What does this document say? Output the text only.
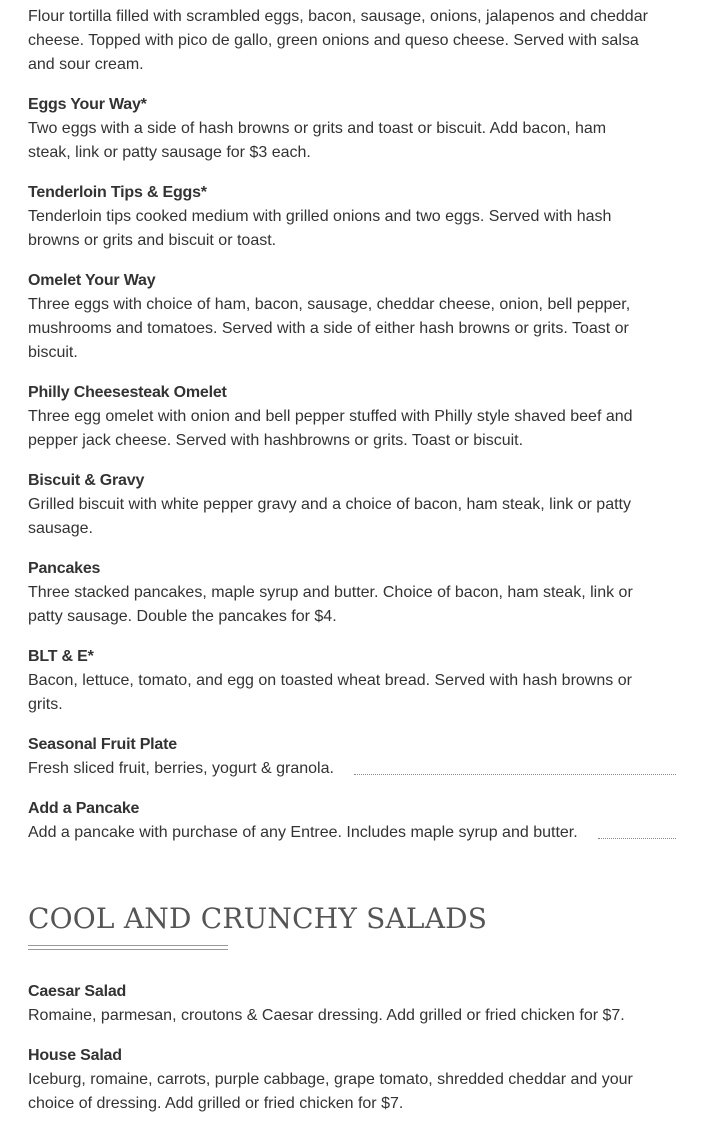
Flour tortilla filled with scrambled eggs, bacon, sausage, onions, jalapenos and cheddar cheese. Topped with pico de gallo, green onions and queso cheese. Served with salsa and sour cream.
Eggs Your Way*
Two eggs with a side of hash browns or grits and toast or biscuit. Add bacon, ham steak, link or patty sausage for $3 each.
Tenderloin Tips & Eggs*
Tenderloin tips cooked medium with grilled onions and two eggs. Served with hash browns or grits and biscuit or toast.
Omelet Your Way
Three eggs with choice of ham, bacon, sausage, cheddar cheese, onion, bell pepper, mushrooms and tomatoes. Served with a side of either hash browns or grits. Toast or biscuit.
Philly Cheesesteak Omelet
Three egg omelet with onion and bell pepper stuffed with Philly style shaved beef and pepper jack cheese. Served with hashbrowns or grits. Toast or biscuit.
Biscuit & Gravy
Grilled biscuit with white pepper gravy and a choice of bacon, ham steak, link or patty sausage.
Pancakes
Three stacked pancakes, maple syrup and butter. Choice of bacon, ham steak, link or patty sausage. Double the pancakes for $4.
BLT & E*
Bacon, lettuce, tomato, and egg on toasted wheat bread. Served with hash browns or grits.
Seasonal Fruit Plate
Fresh sliced fruit, berries, yogurt & granola.
Add a Pancake
Add a pancake with purchase of any Entree. Includes maple syrup and butter.
COOL AND CRUNCHY SALADS
Caesar Salad
Romaine, parmesan, croutons & Caesar dressing. Add grilled or fried chicken for $7.
House Salad
Iceburg, romaine, carrots, purple cabbage, grape tomato, shredded cheddar and your choice of dressing. Add grilled or fried chicken for $7.
